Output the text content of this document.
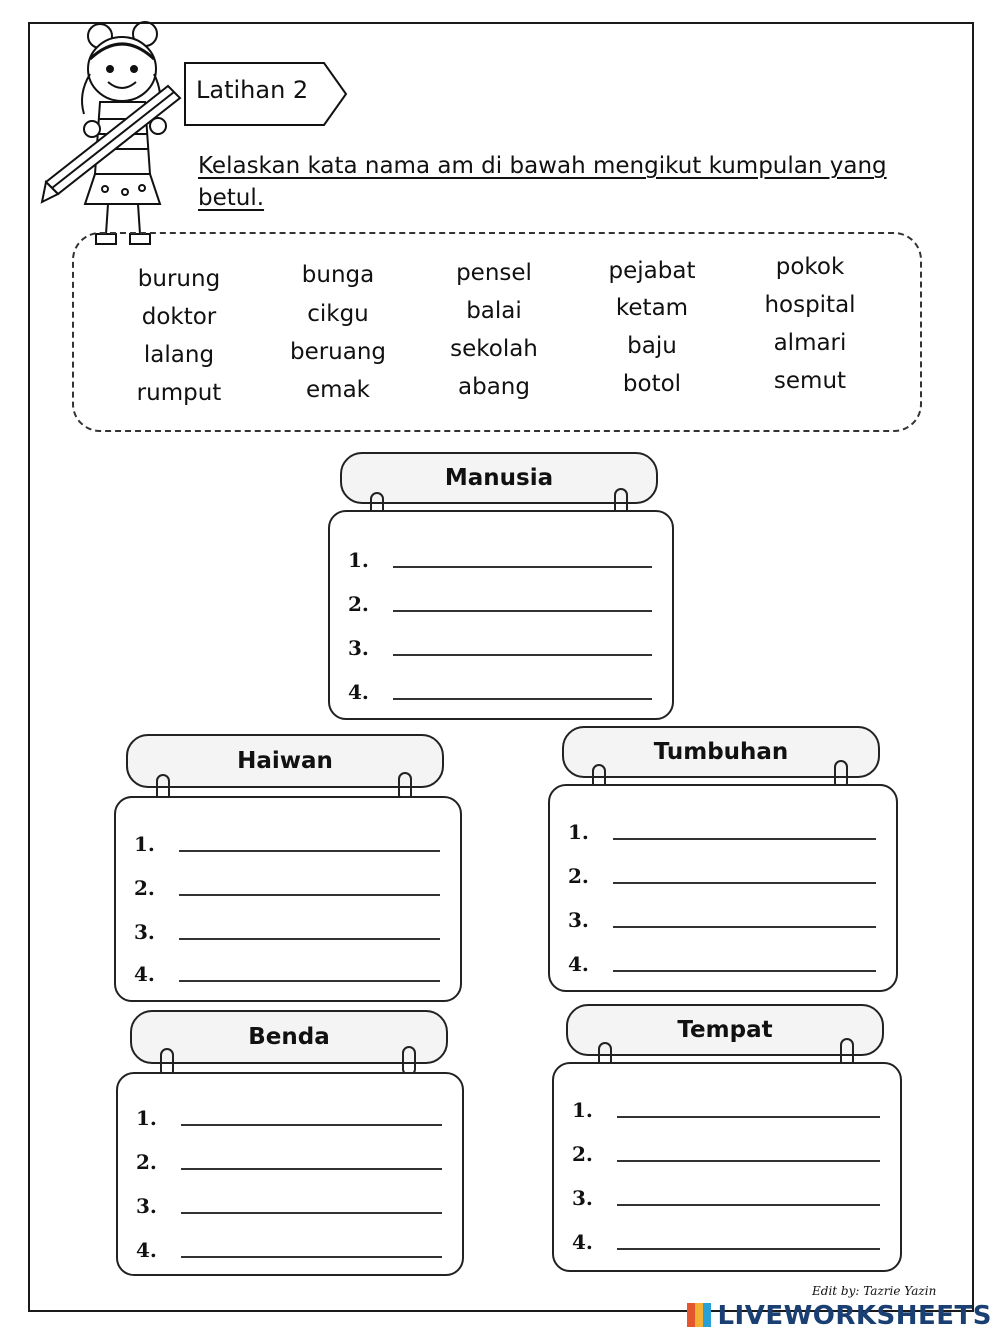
Latihan 2
Kelaskan kata nama am di bawah mengikut kumpulan yang betul.
burung	bunga	pensel	pejabat	pokok
doktor	cikgu	balai	ketam	hospital
lalang	beruang	sekolah	baju	almari
rumput	emak	abang	botol	semut
Manusia
1.
2.
3.
4.
Haiwan
1.
2.
3.
4.
Tumbuhan
1.
2.
3.
4.
Benda
1.
2.
3.
4.
Tempat
1.
2.
3.
4.
Edit by: Tazrie Yazin
LIVEWORKSHEETS
